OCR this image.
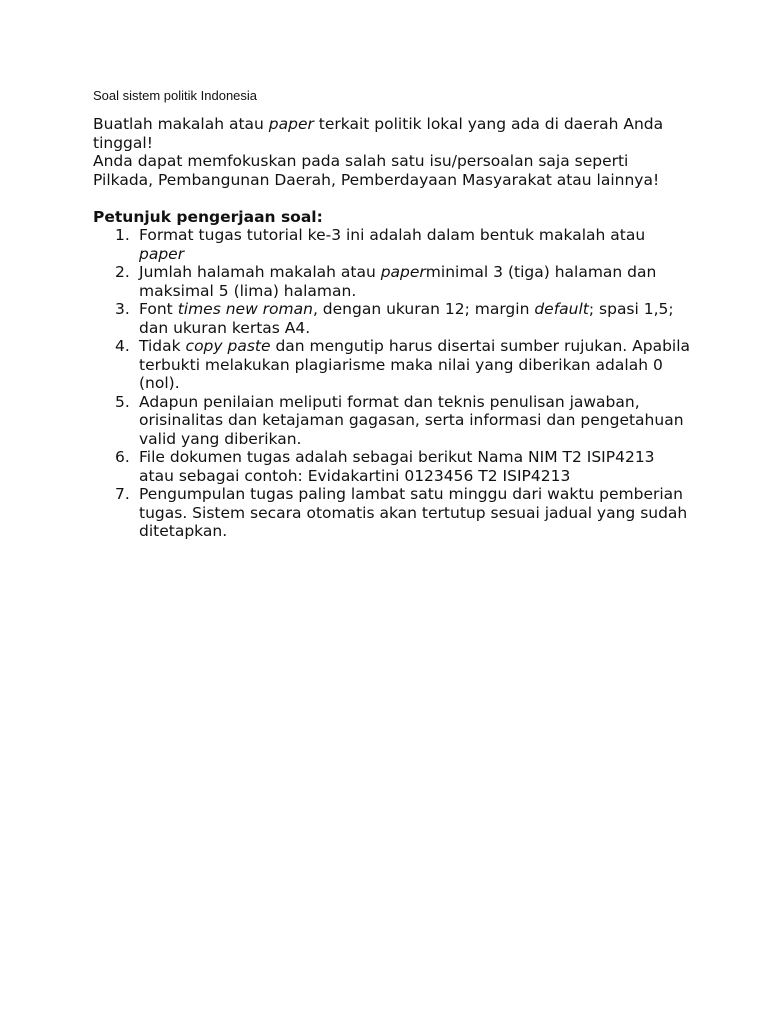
Soal sistem politik Indonesia

Buatlah makalah atau paper terkait politik lokal yang ada di daerah Anda tinggal!

Anda dapat memfokuskan pada salah satu isu/persoalan saja seperti Pilkada, Pembangunan Daerah, Pemberdayaan Masyarakat atau lainnya!

Petunjuk pengerjaan soal:

1. Format tugas tutorial ke-3 ini adalah dalam bentuk makalah atau paper
2. Jumlah halamah makalah atau paperminimal 3 (tiga) halaman dan maksimal 5 (lima) halaman.
3. Font times new roman, dengan ukuran 12; margin default; spasi 1,5; dan ukuran kertas A4.
4. Tidak copy paste dan mengutip harus disertai sumber rujukan. Apabila terbukti melakukan plagiarisme maka nilai yang diberikan adalah 0 (nol).
5. Adapun penilaian meliputi format dan teknis penulisan jawaban, orisinalitas dan ketajaman gagasan, serta informasi dan pengetahuan valid yang diberikan.
6. File dokumen tugas adalah sebagai berikut Nama NIM T2 ISIP4213 atau sebagai contoh: Evidakartini 0123456 T2 ISIP4213
7. Pengumpulan tugas paling lambat satu minggu dari waktu pemberian tugas. Sistem secara otomatis akan tertutup sesuai jadual yang sudah ditetapkan.
